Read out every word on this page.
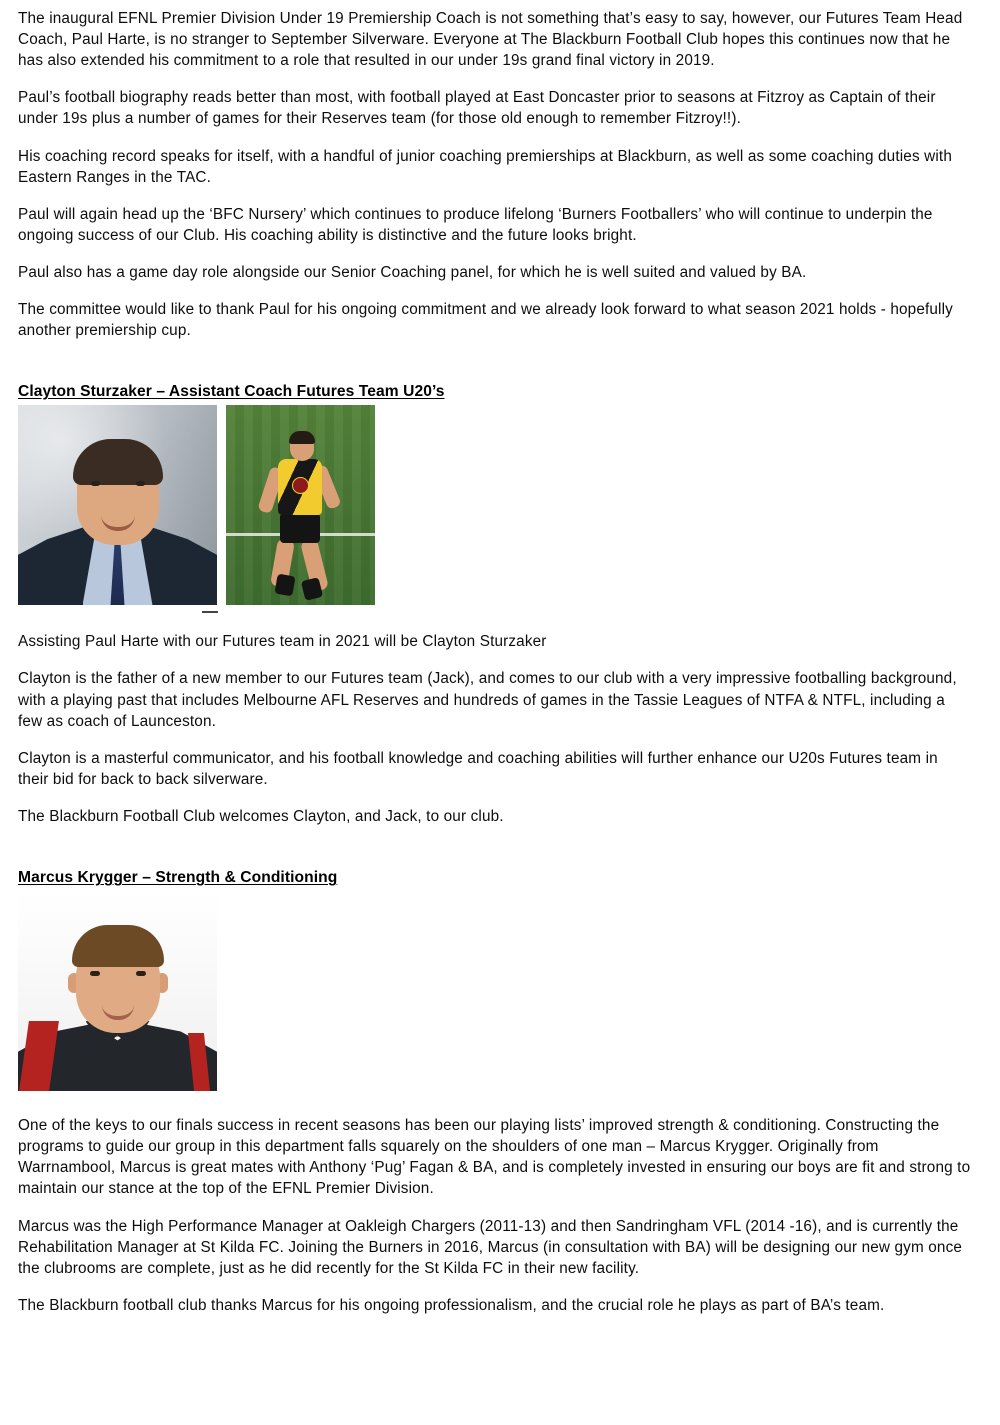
The inaugural EFNL Premier Division Under 19 Premiership Coach is not something that’s easy to say, however, our Futures Team Head Coach, Paul Harte, is no stranger to September Silverware. Everyone at The Blackburn Football Club hopes this continues now that he has also extended his commitment to a role that resulted in our under 19s grand final victory in 2019.

Paul’s football biography reads better than most, with football played at East Doncaster prior to seasons at Fitzroy as Captain of their under 19s plus a number of games for their Reserves team (for those old enough to remember Fitzroy!!).

His coaching record speaks for itself, with a handful of junior coaching premierships at Blackburn, as well as some coaching duties with Eastern Ranges in the TAC.

Paul will again head up the ‘BFC Nursery’ which continues to produce lifelong ‘Burners Footballers’ who will continue to underpin the ongoing success of our Club. His coaching ability is distinctive and the future looks bright.

Paul also has a game day role alongside our Senior Coaching panel, for which he is well suited and valued by BA.

The committee would like to thank Paul for his ongoing commitment and we already look forward to what season 2021 holds - hopefully another premiership cup.

Clayton Sturzaker – Assistant Coach Futures Team U20’s

Assisting Paul Harte with our Futures team in 2021 will be Clayton Sturzaker

Clayton is the father of a new member to our Futures team (Jack), and comes to our club with a very impressive footballing background, with a playing past that includes Melbourne AFL Reserves and hundreds of games in the Tassie Leagues of NTFA & NTFL, including a few as coach of Launceston.

Clayton is a masterful communicator, and his football knowledge and coaching abilities will further enhance our U20s Futures team in their bid for back to back silverware.

The Blackburn Football Club welcomes Clayton, and Jack, to our club.

Marcus Krygger – Strength & Conditioning

One of the keys to our finals success in recent seasons has been our playing lists’ improved strength & conditioning. Constructing the programs to guide our group in this department falls squarely on the shoulders of one man – Marcus Krygger. Originally from Warrnambool, Marcus is great mates with Anthony ‘Pug’ Fagan & BA, and is completely invested in ensuring our boys are fit and strong to maintain our stance at the top of the EFNL Premier Division.

Marcus was the High Performance Manager at Oakleigh Chargers (2011-13) and then Sandringham VFL (2014 -16), and is currently the Rehabilitation Manager at St Kilda FC. Joining the Burners in 2016, Marcus (in consultation with BA) will be designing our new gym once the clubrooms are complete, just as he did recently for the St Kilda FC in their new facility.

The Blackburn football club thanks Marcus for his ongoing professionalism, and the crucial role he plays as part of BA’s team.
